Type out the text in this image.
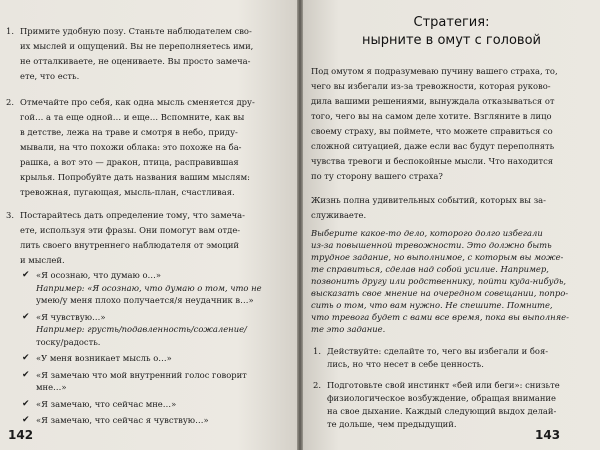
1. Примите удобную позу. Станьте наблюдателем сво-
их мыслей и ощущений. Вы не переполняетесь ими,
не отталкиваете, не оцениваете. Вы просто замеча-
ете, что есть.
2. Отмечайте про себя, как одна мысль сменяется дру-
гой… а та еще одной… и еще… Вспомните, как вы
в детстве, лежа на траве и смотря в небо, приду-
мывали, на что похожи облака: это похоже на ба-
рашка, а вот это — дракон, птица, расправившая
крылья. Попробуйте дать названия вашим мыслям:
тревожная, пугающая, мысль-план, счастливая.
3. Постарайтесь дать определение тому, что замеча-
ете, используя эти фразы. Они помогут вам отде-
лить своего внутреннего наблюдателя от эмоций
и мыслей.
✔ «Я осознаю, что думаю о…»
Например: «Я осознаю, что думаю о том, что не
умею/у меня плохо получается/я неудачник в…»
✔ «Я чувствую…»
Например: грусть/подавленность/сожаление/
тоску/радость.
✔ «У меня возникает мысль о…»
✔ «Я замечаю что мой внутренний голос говорит
мне…»
✔ «Я замечаю, что сейчас мне…»
✔ «Я замечаю, что сейчас я чувствую…»
142
Стратегия:
нырните в омут с головой
Под омутом я подразумеваю пучину вашего страха, то,
чего вы избегали из-за тревожности, которая руково-
дила вашими решениями, вынуждала отказываться от
того, чего вы на самом деле хотите. Взгляните в лицо
своему страху, вы поймете, что можете справиться со
сложной ситуацией, даже если вас будут переполнять
чувства тревоги и беспокойные мысли. Что находится
по ту сторону вашего страха?
Жизнь полна удивительных событий, которых вы за-
служиваете.
Выберите какое-то дело, которого долго избегали
из-за повышенной тревожности. Это должно быть
трудное задание, но выполнимое, с которым вы може-
те справиться, сделав над собой усилие. Например,
позвонить другу или родственнику, пойти куда-нибудь,
высказать свое мнение на очередном совещании, попро-
сить о том, что вам нужно. Не спешите. Помните,
что тревога будет с вами все время, пока вы выполняе-
те это задание.
1. Действуйте: сделайте то, чего вы избегали и боя-
лись, но что несет в себе ценность.
2. Подготовьте свой инстинкт «бей или беги»: снизьте
физиологическое возбуждение, обращая внимание
на свое дыхание. Каждый следующий выдох делай-
те дольше, чем предыдущий.
143
